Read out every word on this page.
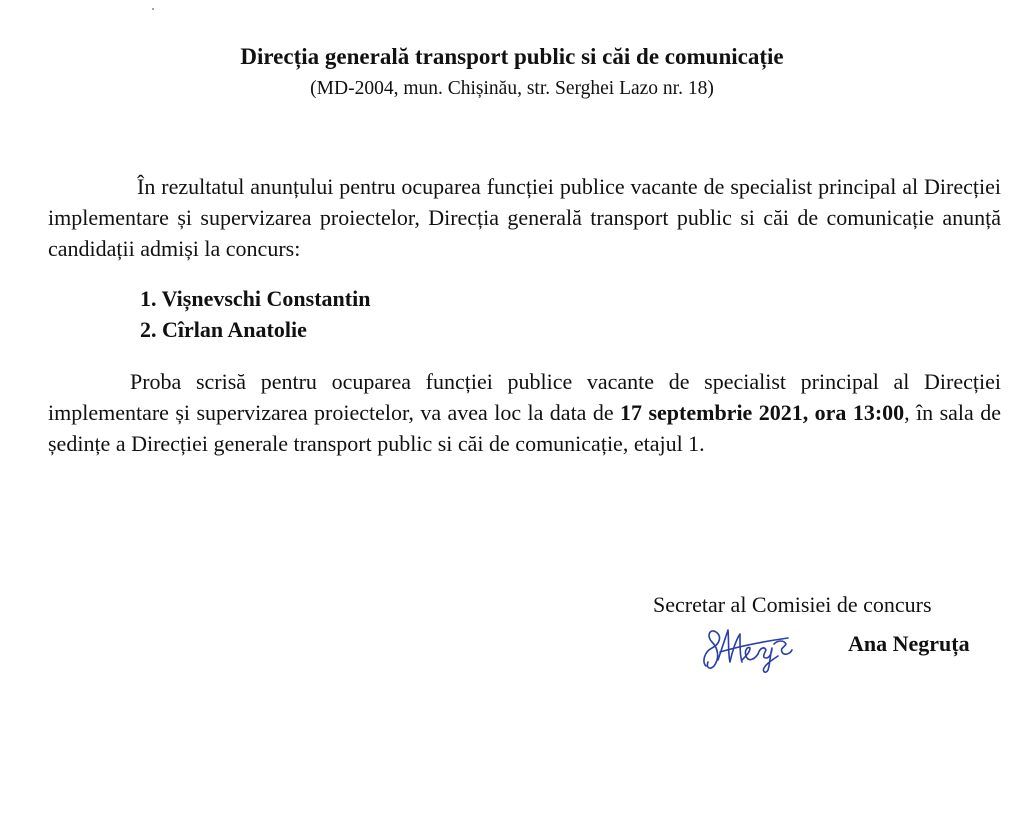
Direcția generală transport public si căi de comunicație
(MD-2004, mun. Chișinău, str. Serghei Lazo nr. 18)
În rezultatul anunțului pentru ocuparea funcției publice vacante de specialist principal al Direcției implementare și supervizarea proiectelor, Direcția generală transport public si căi de comunicație anunță candidații admiși la concurs:
1. Vișnevschi Constantin
2. Cîrlan Anatolie
Proba scrisă pentru ocuparea funcției publice vacante de specialist principal al Direcției implementare și supervizarea proiectelor, va avea loc la data de 17 septembrie 2021, ora 13:00, în sala de ședințe a Direcției generale transport public si căi de comunicație, etajul 1.
Secretar al Comisiei de concurs
Ana Negruța
